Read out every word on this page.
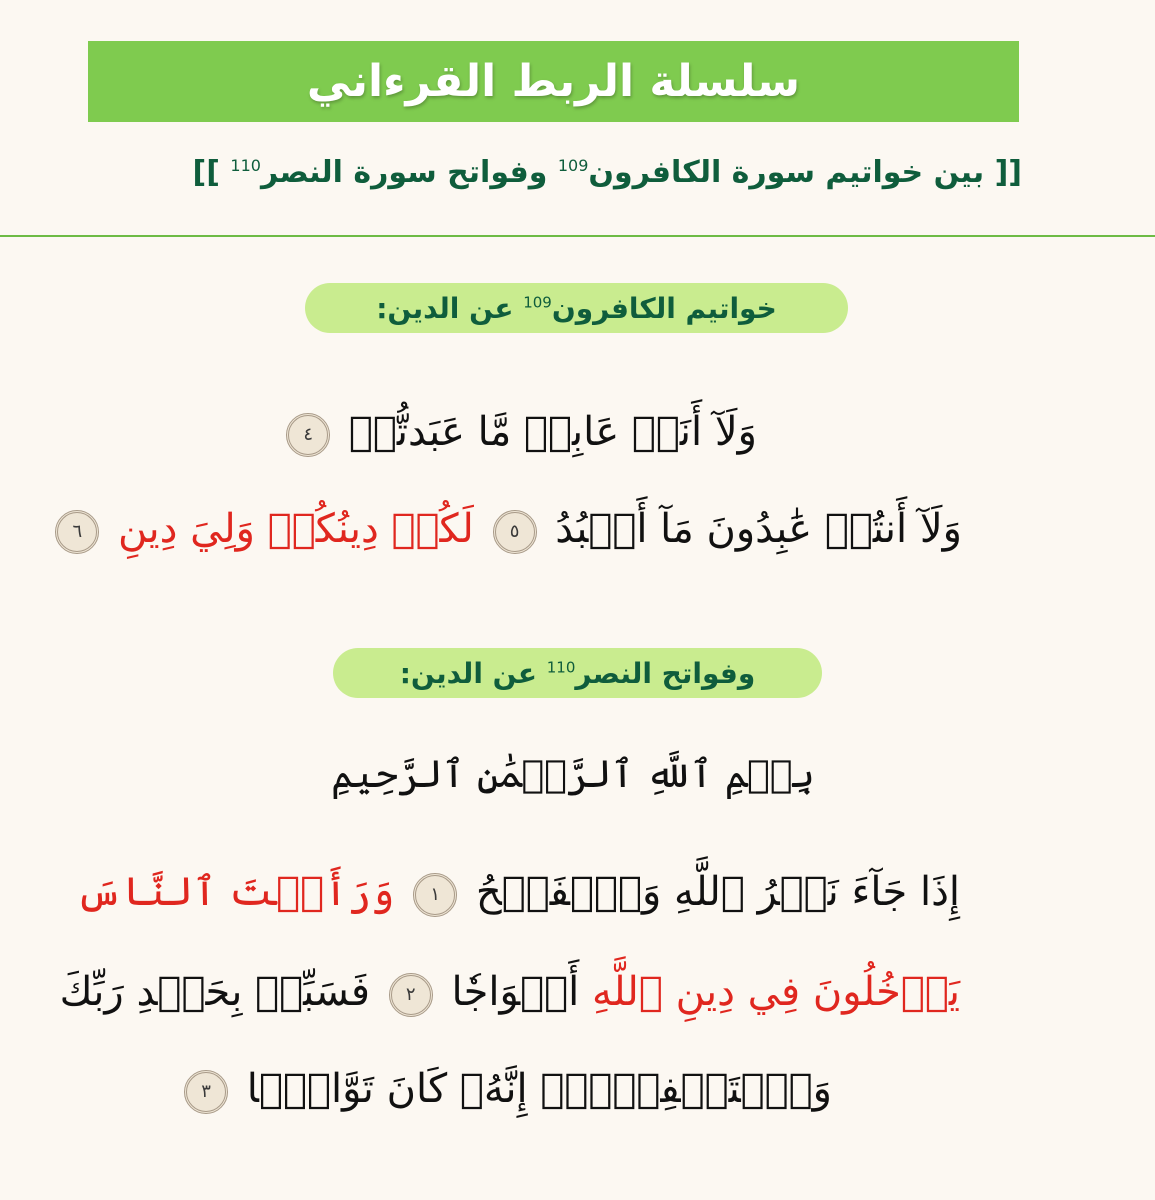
سلسلة الربط القرءاني
[[ بين خواتيم سورة الكافرون$^{109}$ وفواتح سورة النصر$^{110}$ ]]
خواتيم الكافرون$^{109}$ عن الدين:
وَلَآ أَنَا۠ عَابِدٞ مَّا عَبَدتُّمۡ ٤
وَلَآ أَنتُمۡ عَٰبِدُونَ مَآ أَعۡبُدُ ٥ لَكُمۡ دِينُكُمۡ وَلِيَ دِينِ ٦
وفواتح النصر$^{110}$ عن الدين:
بِسۡمِ ٱللَّهِ ٱلرَّحۡمَٰنِ ٱلرَّحِيمِ
إِذَا جَآءَ نَصۡرُ ٱللَّهِ وَٱلۡفَتۡحُ ١ وَرَأَيۡتَ ٱلنَّاسَ
يَدۡخُلُونَ فِي دِينِ ٱللَّهِ أَفۡوَاجٗا ٢ فَسَبِّحۡ بِحَمۡدِ رَبِّكَ
وَٱسۡتَغۡفِرۡهُۚ إِنَّهُۥ كَانَ تَوَّابَۢا ٣
